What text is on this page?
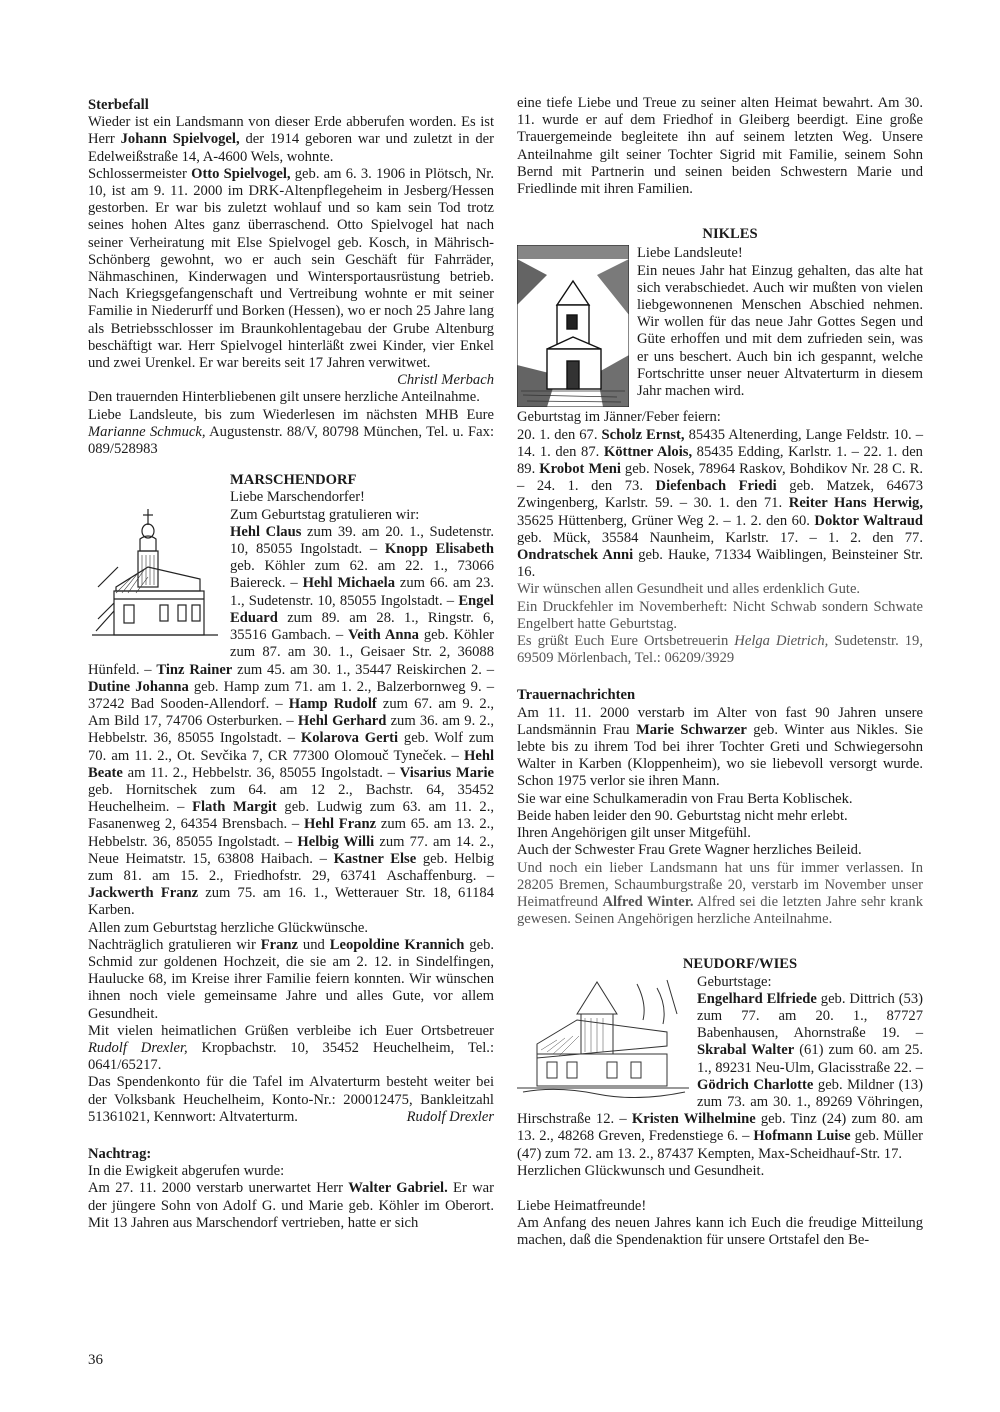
Sterbefall

Wieder ist ein Landsmann von dieser Erde abberufen worden. Es ist Herr Johann Spielvogel, der 1914 geboren war und zuletzt in der Edelweißstraße 14, A-4600 Wels, wohnte.

Schlossermeister Otto Spielvogel, geb. am 6. 3. 1906 in Plötsch, Nr. 10, ist am 9. 11. 2000 im DRK-Altenpflegeheim in Jesberg/Hessen gestorben. Er war bis zuletzt wohlauf und so kam sein Tod trotz seines hohen Altes ganz überraschend. Otto Spielvogel hat nach seiner Verheiratung mit Else Spielvogel geb. Kosch, in Mährisch-Schönberg gewohnt, wo er auch sein Geschäft für Fahrräder, Nähmaschinen, Kinderwagen und Wintersportausrüstung betrieb. Nach Kriegsgefangenschaft und Vertreibung wohnte er mit seiner Familie in Niederurff und Borken (Hessen), wo er noch 25 Jahre lang als Betriebsschlosser im Braunkohlentagebau der Grube Altenburg beschäftigt war. Herr Spielvogel hinterläßt zwei Kinder, vier Enkel und zwei Urenkel. Er war bereits seit 17 Jahren verwitwet.
Christl Merbach

Den trauernden Hinterbliebenen gilt unsere herzliche Anteilnahme.

Liebe Landsleute, bis zum Wiederlesen im nächsten MHB Eure Marianne Schmuck, Augustenstr. 88/V, 80798 München, Tel. u. Fax: 089/528983

MARSCHENDORF

Liebe Marschendorfer!

Zum Geburtstag gratulieren wir:

Hehl Claus zum 39. am 20. 1., Sudetenstr. 10, 85055 Ingolstadt. – Knopp Elisabeth geb. Köhler zum 62. am 22. 1., 73066 Baiereck. – Hehl Michaela zum 66. am 23. 1., Sudetenstr. 10, 85055 Ingolstadt. – Engel Eduard zum 89. am 28. 1., Ringstr. 6, 35516 Gambach. – Veith Anna geb. Köhler zum 87. am 30. 1., Geisaer Str. 2, 36088 Hünfeld. – Tinz Rainer zum 45. am 30. 1., 35447 Reiskirchen 2. – Dutine Johanna geb. Hamp zum 71. am 1. 2., Balzerbornweg 9. – 37242 Bad Sooden-Allendorf. – Hamp Rudolf zum 67. am 9. 2., Am Bild 17, 74706 Osterburken. – Hehl Gerhard zum 36. am 9. 2., Hebbelstr. 36, 85055 Ingolstadt. – Kolarova Gerti geb. Wolf zum 70. am 11. 2., Ot. Sevčika 7, CR 77300 Olomouč Tyneček. – Hehl Beate am 11. 2., Hebbelstr. 36, 85055 Ingolstadt. – Visarius Marie geb. Hornitschek zum 64. am 12 2., Bachstr. 64, 35452 Heuchelheim. – Flath Margit geb. Ludwig zum 63. am 11. 2., Fasanenweg 2, 64354 Brensbach. – Hehl Franz zum 65. am 13. 2., Hebbelstr. 36, 85055 Ingolstadt. – Helbig Willi zum 77. am 14. 2., Neue Heimatstr. 15, 63808 Haibach. – Kastner Else geb. Helbig zum 81. am 15. 2., Friedhofstr. 29, 63741 Aschaffenburg. – Jackwerth Franz zum 75. am 16. 1., Wetterauer Str. 18, 61184 Karben.

Allen zum Geburtstag herzliche Glückwünsche.

Nachträglich gratulieren wir Franz und Leopoldine Krannich geb. Schmid zur goldenen Hochzeit, die sie am 2. 12. in Sindelfingen, Haulucke 68, im Kreise ihrer Familie feiern konnten. Wir wünschen ihnen noch viele gemeinsame Jahre und alles Gute, vor allem Gesundheit.

Mit vielen heimatlichen Grüßen verbleibe ich Euer Ortsbetreuer Rudolf Drexler, Kropbachstr. 10, 35452 Heuchelheim, Tel.: 0641/65217.

Das Spendenkonto für die Tafel im Alvaterturm besteht weiter bei der Volksbank Heuchelheim, Konto-Nr.: 200012475, Bankleitzahl 51361021, Kennwort: Altvaterturm.	Rudolf Drexler

Nachtrag:

In die Ewigkeit abgerufen wurde:

Am 27. 11. 2000 verstarb unerwartet Herr Walter Gabriel. Er war der jüngere Sohn von Adolf G. und Marie geb. Köhler im Oberort. Mit 13 Jahren aus Marschendorf vertrieben, hatte er sich

eine tiefe Liebe und Treue zu seiner alten Heimat bewahrt. Am 30. 11. wurde er auf dem Friedhof in Gleiberg beerdigt. Eine große Trauergemeinde begleitete ihn auf seinem letzten Weg. Unsere Anteilnahme gilt seiner Tochter Sigrid mit Familie, seinem Sohn Bernd mit Partnerin und seinen beiden Schwestern Marie und Friedlinde mit ihren Familien.

NIKLES

Liebe Landsleute!

Ein neues Jahr hat Einzug gehalten, das alte hat sich verabschiedet. Auch wir mußten von vielen liebgewonnenen Menschen Abschied nehmen. Wir wollen für das neue Jahr Gottes Segen und Güte erhoffen und mit dem zufrieden sein, was er uns beschert. Auch bin ich gespannt, welche Fortschritte unser neuer Altvaterturm in diesem Jahr machen wird.

Geburtstag im Jänner/Feber feiern:

20. 1. den 67. Scholz Ernst, 85435 Altenerding, Lange Feldstr. 10. – 14. 1. den 87. Köttner Alois, 85435 Edding, Karlstr. 1. – 22. 1. den 89. Krobot Meni geb. Nosek, 78964 Raskov, Bohdikov Nr. 28 C. R. – 24. 1. den 73. Diefenbach Friedi geb. Matzek, 64673 Zwingenberg, Karlstr. 59. – 30. 1. den 71. Reiter Hans Herwig, 35625 Hüttenberg, Grüner Weg 2. – 1. 2. den 60. Doktor Waltraud geb. Mück, 35584 Naunheim, Karlstr. 17. – 1. 2. den 77. Ondratschek Anni geb. Hauke, 71334 Waiblingen, Beinsteiner Str. 16.

Wir wünschen allen Gesundheit und alles erdenklich Gute.

Ein Druckfehler im Novemberheft: Nicht Schwab sondern Schwate Engelbert hatte Geburtstag.

Es grüßt Euch Eure Ortsbetreuerin Helga Dietrich, Sudetenstr. 19, 69509 Mörlenbach, Tel.: 06209/3929

Trauernachrichten

Am 11. 11. 2000 verstarb im Alter von fast 90 Jahren unsere Landsmännin Frau Marie Schwarzer geb. Winter aus Nikles. Sie lebte bis zu ihrem Tod bei ihrer Tochter Greti und Schwiegersohn Walter in Karben (Kloppenheim), wo sie liebevoll versorgt wurde. Schon 1975 verlor sie ihren Mann.

Sie war eine Schulkameradin von Frau Berta Koblischek.

Beide haben leider den 90. Geburtstag nicht mehr erlebt.

Ihren Angehörigen gilt unser Mitgefühl.

Auch der Schwester Frau Grete Wagner herzliches Beileid.

Und noch ein lieber Landsmann hat uns für immer verlassen. In 28205 Bremen, Schaumburgstraße 20, verstarb im November unser Heimatfreund Alfred Winter. Alfred sei die letzten Jahre sehr krank gewesen. Seinen Angehörigen herzliche Anteilnahme.

NEUDORF/WIES

Geburtstage:

Engelhard Elfriede geb. Dittrich (53) zum 77. am 20. 1., 87727 Babenhausen, Ahornstraße 19. – Skrabal Walter (61) zum 60. am 25. 1., 89231 Neu-Ulm, Glacisstraße 22. – Gödrich Charlotte geb. Mildner (13) zum 73. am 30. 1., 89269 Vöhringen, Hirschstraße 12. – Kristen Wilhelmine geb. Tinz (24) zum 80. am 13. 2., 48268 Greven, Fredenstiege 6. – Hofmann Luise geb. Müller (47) zum 72. am 13. 2., 87437 Kempten, Max-Scheidhauf-Str. 17.

Herzlichen Glückwunsch und Gesundheit.

Liebe Heimatfreunde!

Am Anfang des neuen Jahres kann ich Euch die freudige Mitteilung machen, daß die Spendenaktion für unsere Ortstafel den Be-

36
